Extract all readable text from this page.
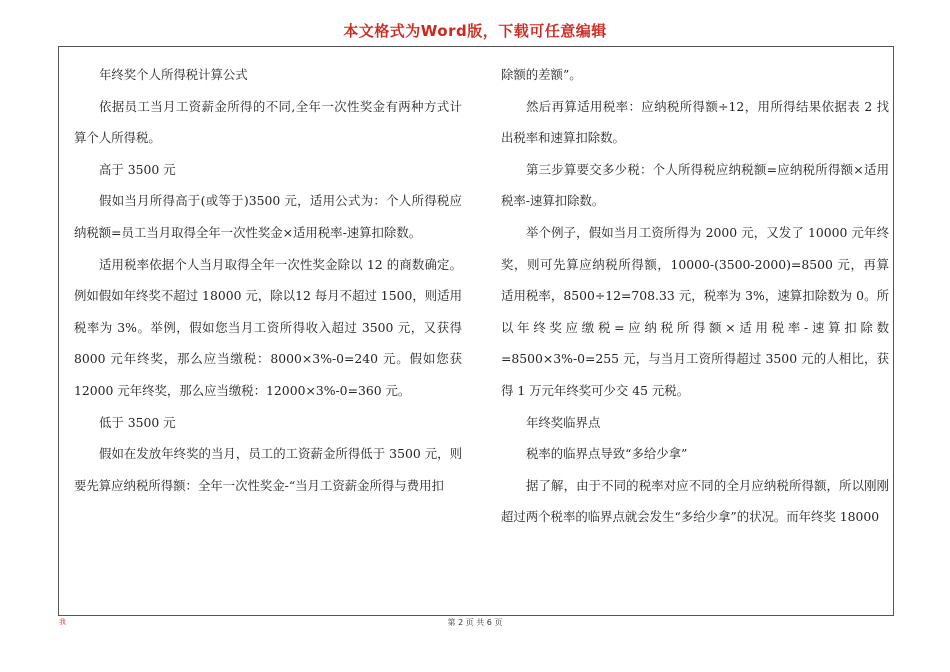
本文格式为Word版，下载可任意编辑

年终奖个人所得税计算公式

依据员工当月工资薪金所得的不同,全年一次性奖金有两种方式计算个人所得税。

高于 3500 元

假如当月所得高于(或等于)3500 元，适用公式为：个人所得税应纳税额=员工当月取得全年一次性奖金×适用税率-速算扣除数。

适用税率依据个人当月取得全年一次性奖金除以 12 的商数确定。例如假如年终奖不超过 18000 元，除以12 每月不超过 1500，则适用税率为 3%。举例，假如您当月工资所得收入超过 3500 元，又获得 8000 元年终奖，那么应当缴税：8000×3%-0=240 元。假如您获 12000 元年终奖，那么应当缴税：12000×3%-0=360 元。

低于 3500 元

假如在发放年终奖的当月，员工的工资薪金所得低于 3500 元，则要先算应纳税所得额：全年一次性奖金-“当月工资薪金所得与费用扣

除额的差额”。

然后再算适用税率：应纳税所得额÷12，用所得结果依据表 2 找出税率和速算扣除数。

第三步算要交多少税：个人所得税应纳税额=应纳税所得额×适用税率-速算扣除数。

举个例子，假如当月工资所得为 2000 元，又发了 10000 元年终奖，则可先算应纳税所得额，10000-(3500-2000)=8500 元，再算适用税率，8500÷12=708.33 元，税率为 3%，速算扣除数为 0。所以年终奖应缴税=应纳税所得额×适用税率-速算扣除数=8500×3%-0=255 元，与当月工资所得超过 3500 元的人相比，获得 1 万元年终奖可少交 45 元税。

年终奖临界点

税率的临界点导致“多给少拿”

据了解，由于不同的税率对应不同的全月应纳税所得额，所以刚刚超过两个税率的临界点就会发生“多给少拿”的状况。而年终奖 18000

我	第 2 页 共 6 页
